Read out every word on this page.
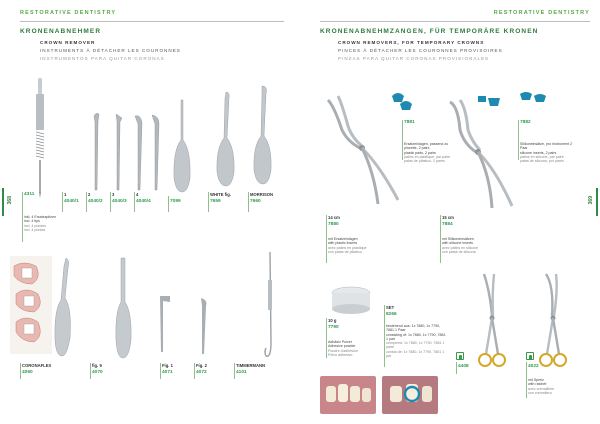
RESTORATIVE DENTISTRY
KRONENABNEHMER
CROWN REMOVER
INSTRUMENTS À DÉTACHER LES COURONNES
INSTRUMENTOS PARA QUITAR CORONAS
368
4311
inkl. 4 Ersatzspitzen
incl. 4 tips
incl. 4 pointes
incl. 4 puntas
1
4040/1
2
4040/2
3
4040/3
4
4040/4	7099
WHITE fig.
7659
MORRISON
7660
CORONAFLEX
4060
fig. 9
4070
Fig. 1
4071
Fig. 2
4072
TIMMERMANN
4101
RESTORATIVE DENTISTRY
KRONENABNEHMZANGEN, FÜR TEMPORÄRE KRONEN
CROWN REMOVERS, FOR TEMPORARY CROWNS
PINCES À DÉTACHER LES COURONNES PROVISOIRES
PINZAS PARA QUITAR CORONAS PROVISIONALES
369
7881
Ersatzeinlagen, passend zu pinzette, 2 pairs
plastic pads, 2 pairs
patins en plastique, par paire
patas de plástico, 2 pares
14 cm
7880
mit Ersatzeinlagen
with plastic inserts
avec patins en plastique
con patas de plástico
7882
Silikoneinsätze, pro Instrument 2 Paar
silicone inserts, 2 pairs
patins en silicone, par paire
patas de silicona, por pares
15 cm
7884
mit Silikoneinsätzen
with silicone inserts
avec patins en silicone
con patas de silicona
10 g
7790
Adhäsiv Pulver
Adhesive powder
Poudre d'adhésion
Polvo adhesivo
SET
8266
bestehend aus: 1x 7880, 1x 7790, 7881 1 Paar
consisting of: 1x 7880, 1x 7790, 7881 1 pair
comprend: 1x 7880, 1x 7790, 7881 1 paire
consta de: 1x 7880, 1x 7790, 7881 1 par
4408	4022
mit Spreiz
with ratchet
avec crémaillère
con cremallera
